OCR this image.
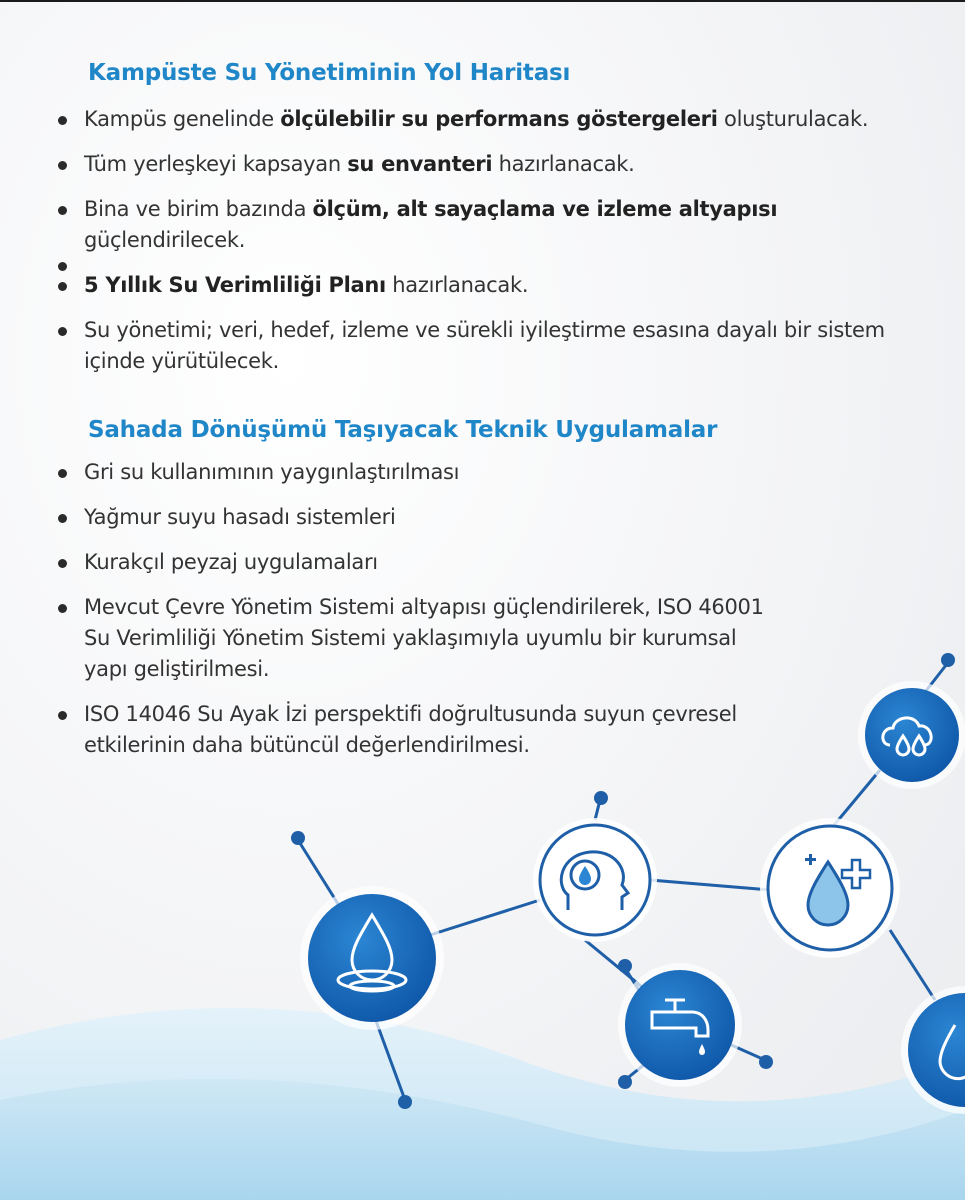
Kampüste Su Yönetiminin Yol Haritası
Kampüs genelinde ölçülebilir su performans göstergeleri oluşturulacak.
Tüm yerleşkeyi kapsayan su envanteri hazırlanacak.
Bina ve birim bazında ölçüm, alt sayaçlama ve izleme altyapısı
güçlendirilecek.
5 Yıllık Su Verimliliği Planı hazırlanacak.
Su yönetimi; veri, hedef, izleme ve sürekli iyileştirme esasına dayalı bir sistem içinde yürütülecek.
Sahada Dönüşümü Taşıyacak Teknik Uygulamalar
Gri su kullanımının yaygınlaştırılması
Yağmur suyu hasadı sistemleri
Kurakçıl peyzaj uygulamaları
Mevcut Çevre Yönetim Sistemi altyapısı güçlendirilerek, ISO 46001 Su Verimliliği Yönetim Sistemi yaklaşımıyla uyumlu bir kurumsal yapı geliştirilmesi.
ISO 14046 Su Ayak İzi perspektifi doğrultusunda suyun çevresel etkilerinin daha bütüncül değerlendirilmesi.
